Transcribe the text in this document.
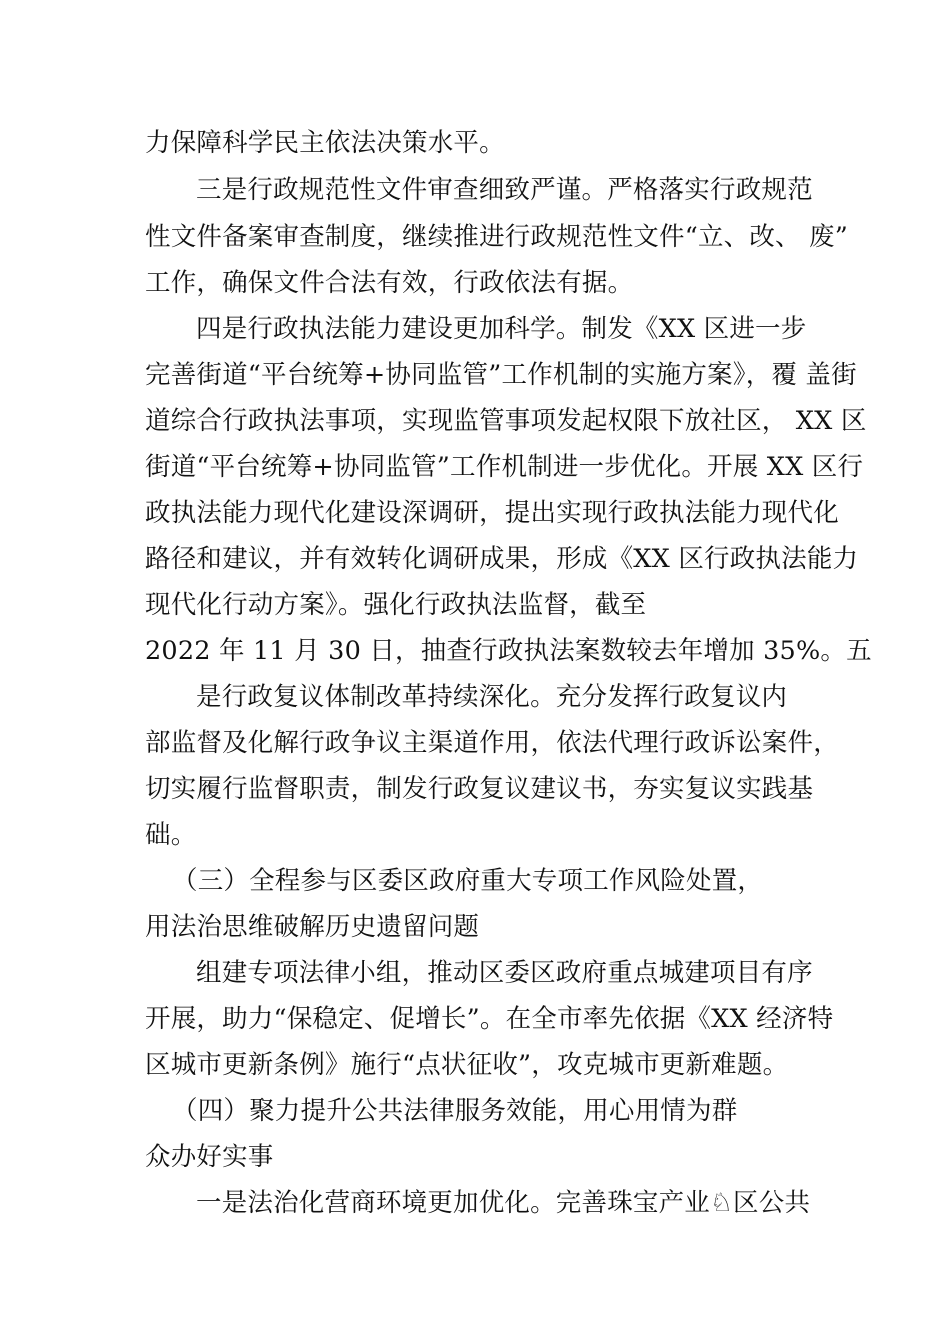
力保障科学民主依法决策水平。
三是行政规范性文件审查细致严谨。严格落实行政规范
性文件备案审查制度，继续推进行政规范性文件“立、改、 废”
工作，确保文件合法有效，行政依法有据。
四是行政执法能力建设更加科学。制发《XX 区进一步
完善街道“平台统筹+协同监管”工作机制的实施方案》，覆 盖街
道综合行政执法事项，实现监管事项发起权限下放社区， XX 区
街道“平台统筹+协同监管”工作机制进一步优化。开展 XX 区行
政执法能力现代化建设深调研，提出实现行政执法能力现代化
路径和建议，并有效转化调研成果，形成《XX 区行政执法能力
现代化行动方案》。强化行政执法监督，截至
2022 年 11 月 30 日，抽查行政执法案数较去年增加 35%。五
是行政复议体制改革持续深化。充分发挥行政复议内
部监督及化解行政争议主渠道作用，依法代理行政诉讼案件，
切实履行监督职责，制发行政复议建议书，夯实复议实践基
础。
（三）全程参与区委区政府重大专项工作风险处置，
用法治思维破解历史遗留问题
组建专项法律小组，推动区委区政府重点城建项目有序
开展，助力“保稳定、促增长”。在全市率先依据《XX 经济特
区城市更新条例》施行“点状征收”，攻克城市更新难题。
（四）聚力提升公共法律服务效能，用心用情为群
众办好实事
一是法治化营商环境更加优化。完善珠宝产业♘区公共
